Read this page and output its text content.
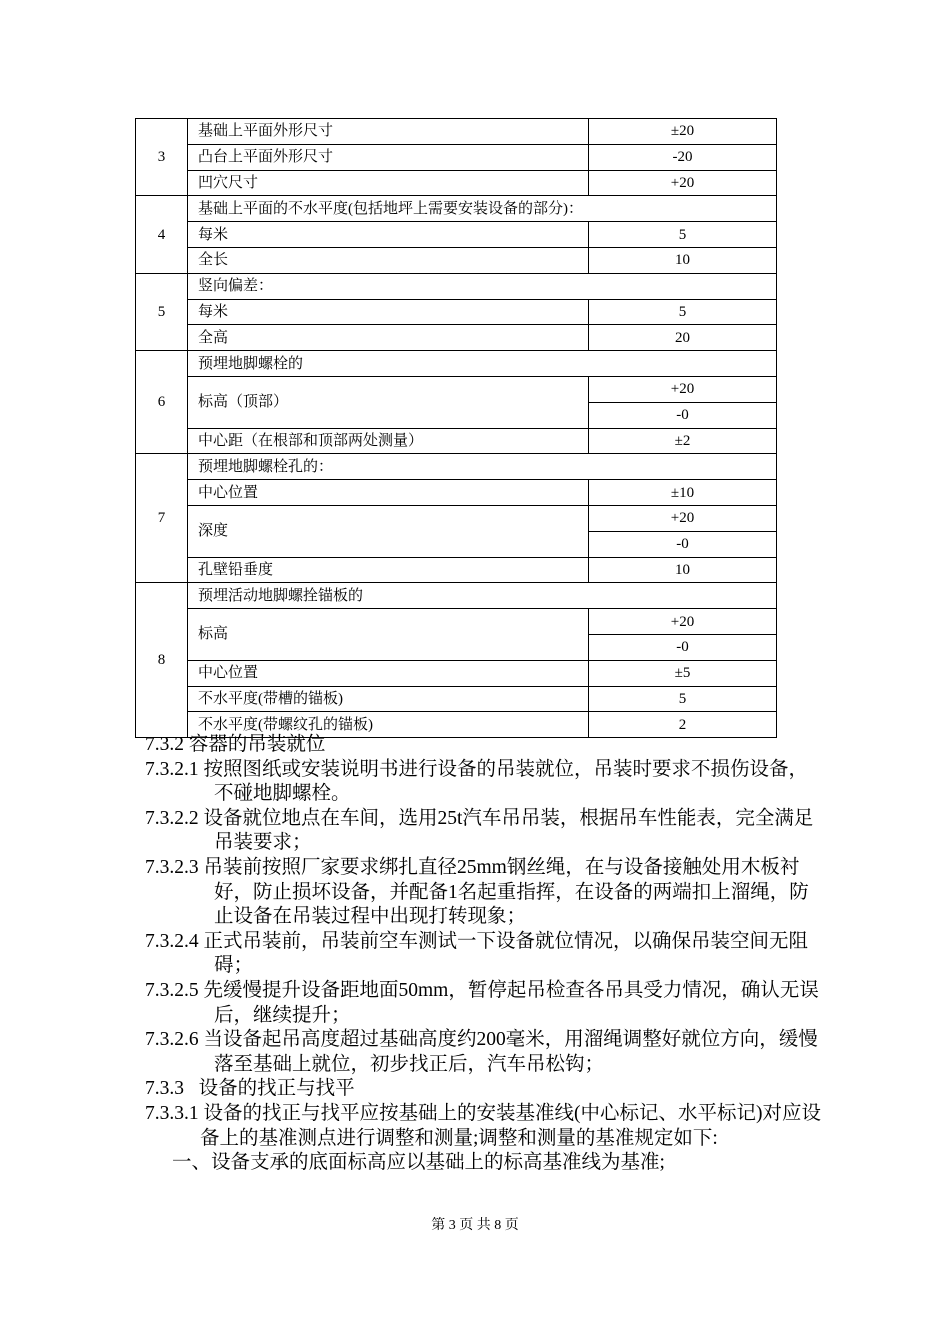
3	基础上平面外形尺寸	±20
	凸台上平面外形尺寸	-20
	凹穴尺寸	+20
4	基础上平面的不水平度(包括地坪上需要安装设备的部分)：	
	每米	5
	全长	10
5	竖向偏差：	
	每米	5
	全高	20
6	预埋地脚螺栓的	
	标高（顶部）	+20
		-0
	中心距（在根部和顶部两处测量）	±2
7	预埋地脚螺栓孔的：	
	中心位置	±10
	深度	+20
		-0
	孔壁铅垂度	10
8	预埋活动地脚螺拴锚板的	
	标高	+20
		-0
	中心位置	±5
	不水平度(带槽的锚板)	5
	不水平度(带螺纹孔的锚板)	2
7.3.2 容器的吊装就位
7.3.2.1 按照图纸或安装说明书进行设备的吊装就位，吊装时要求不损伤设备，不碰地脚螺栓。
7.3.2.2 设备就位地点在车间，选用25t汽车吊吊装，根据吊车性能表，完全满足吊装要求；
7.3.2.3 吊装前按照厂家要求绑扎直径25mm钢丝绳，在与设备接触处用木板衬好，防止损坏设备，并配备1名起重指挥，在设备的两端扣上溜绳，防止设备在吊装过程中出现打转现象；
7.3.2.4 正式吊装前，吊装前空车测试一下设备就位情况，以确保吊装空间无阻碍；
7.3.2.5 先缓慢提升设备距地面50mm，暂停起吊检查各吊具受力情况，确认无误后，继续提升；
7.3.2.6 当设备起吊高度超过基础高度约200毫米，用溜绳调整好就位方向，缓慢落至基础上就位，初步找正后，汽车吊松钩；
7.3.3   设备的找正与找平
7.3.3.1 设备的找正与找平应按基础上的安装基准线(中心标记、水平标记)对应设备上的基准测点进行调整和测量;调整和测量的基准规定如下:
一、设备支承的底面标高应以基础上的标高基准线为基准;
第 3 页 共 8 页
